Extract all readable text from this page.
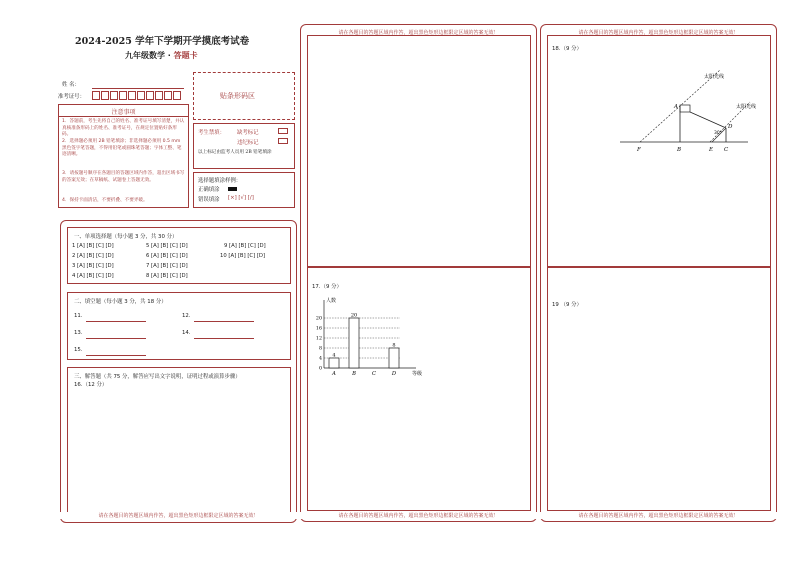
2024-2025 学年下学期开学摸底考试卷
九年级数学 · 答题卡
姓 名：
准考证号：	贴条形码区
注意事项
1．答题前，考生先将自己的姓名、准考证号填写清楚，并认真核准条形码上的姓名、准考证号，在规定位置贴好条形码。
2．选择题必须用 2B 铅笔填涂；非选择题必须用 0.5 mm 黑色签字笔答题，不得用铅笔或圆珠笔答题；字体工整、笔迹清晰。
3．请按题号顺序在各题目的答题区域内作答，超出区域书写的答案无效；在草稿纸、试题卷上答题无效。
4．保持卡面清洁，不要折叠、不要弄破。
考生禁填： 缺考标记
违纪标记
以上标记由监考人员用 2B 铅笔填涂
选择题填涂样例：
正确填涂
错误填涂 [×] [√] [/]
一、单项选择题（每小题 3 分，共 30 分）
1 [A] [B] [C] [D]
2 [A] [B] [C] [D]
3 [A] [B] [C] [D]
4 [A] [B] [C] [D]
5 [A] [B] [C] [D]
6 [A] [B] [C] [D]
7 [A] [B] [C] [D]
8 [A] [B] [C] [D]
9 [A] [B] [C] [D]
10 [A] [B] [C] [D]
二、填空题（每小题 3 分，共 18 分）
11.	12.
13.	14.
15.
三、解答题（共 75 分，解答应写出文字说明，证明过程或演算步骤）
16.（12 分）
请在各题目的答题区域内作答，超出黑色矩形边框限定区域的答案无效！
17.（9 分）
人数
等级
0
4
8
12
16
20
A
4
B
20
C	D
8
请在各题目的答题区域内作答，超出黑色矩形边框限定区域的答案无效！
请在各题目的答题区域内作答，超出黑色矩形边框限定区域的答案无效！
18.（9 分）
太阳光线
太阳光线
30°
A
D
F	B	E C
19 （9 分）
请在各题目的答题区域内作答，超出黑色矩形边框限定区域的答案无效！
请在各题目的答题区域内作答，超出黑色矩形边框限定区域的答案无效！
